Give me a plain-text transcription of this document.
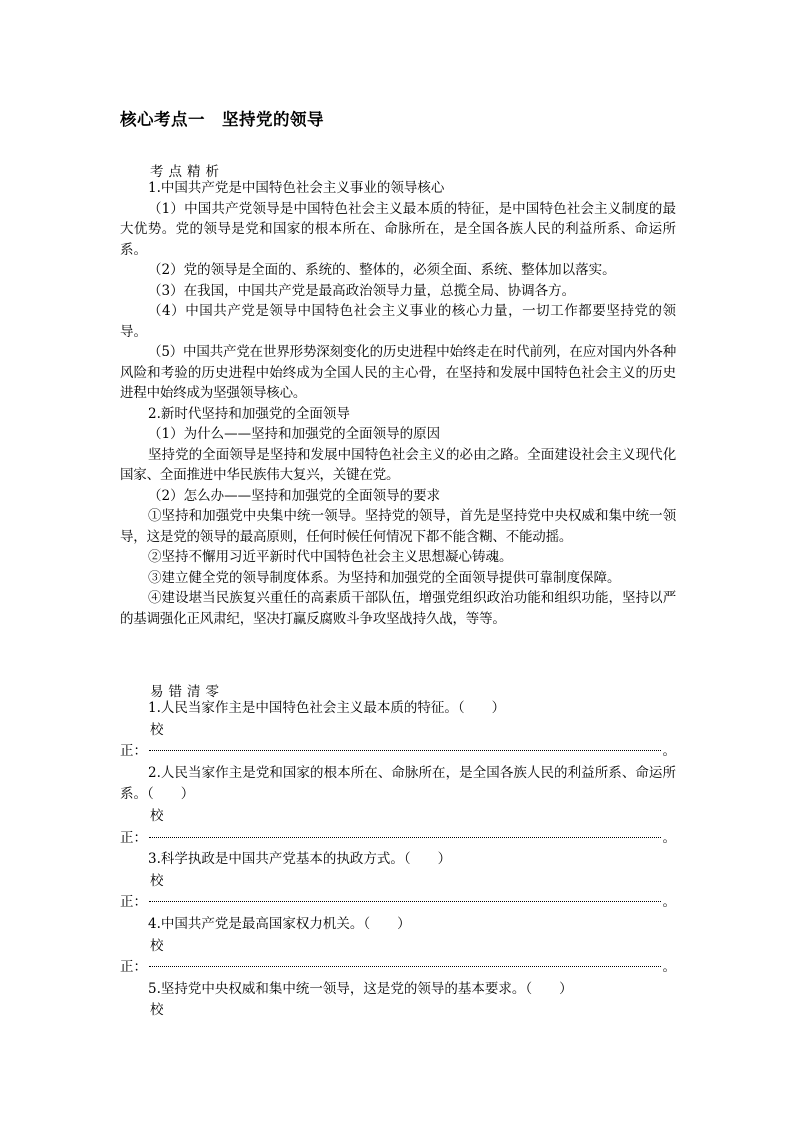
核心考点一　坚持党的领导
考点精析

1.中国共产党是中国特色社会主义事业的领导核心

（1）中国共产党领导是中国特色社会主义最本质的特征，是中国特色社会主义制度的最大优势。党的领导是党和国家的根本所在、命脉所在，是全国各族人民的利益所系、命运所系。

（2）党的领导是全面的、系统的、整体的，必须全面、系统、整体加以落实。

（3）在我国，中国共产党是最高政治领导力量，总揽全局、协调各方。

（4）中国共产党是领导中国特色社会主义事业的核心力量，一切工作都要坚持党的领导。

（5）中国共产党在世界形势深刻变化的历史进程中始终走在时代前列，在应对国内外各种风险和考验的历史进程中始终成为全国人民的主心骨，在坚持和发展中国特色社会主义的历史进程中始终成为坚强领导核心。

2.新时代坚持和加强党的全面领导

（1）为什么——坚持和加强党的全面领导的原因

坚持党的全面领导是坚持和发展中国特色社会主义的必由之路。全面建设社会主义现代化国家、全面推进中华民族伟大复兴，关键在党。

（2）怎么办——坚持和加强党的全面领导的要求

①坚持和加强党中央集中统一领导。坚持党的领导，首先是坚持党中央权威和集中统一领导，这是党的领导的最高原则，任何时候任何情况下都不能含糊、不能动摇。

②坚持不懈用习近平新时代中国特色社会主义思想凝心铸魂。

③建立健全党的领导制度体系。为坚持和加强党的全面领导提供可靠制度保障。

④建设堪当民族复兴重任的高素质干部队伍，增强党组织政治功能和组织功能，坚持以严的基调强化正风肃纪，坚决打赢反腐败斗争攻坚战持久战，等等。

易错清零

1.人民当家作主是中国特色社会主义最本质的特征。（　　）

校

正：	。

2.人民当家作主是党和国家的根本所在、命脉所在，是全国各族人民的利益所系、命运所系。（　　）

校

正：	。

3.科学执政是中国共产党基本的执政方式。（　　）

校

正：	。

4.中国共产党是最高国家权力机关。（　　）

校

正：	。

5.坚持党中央权威和集中统一领导，这是党的领导的基本要求。（　　）

校
